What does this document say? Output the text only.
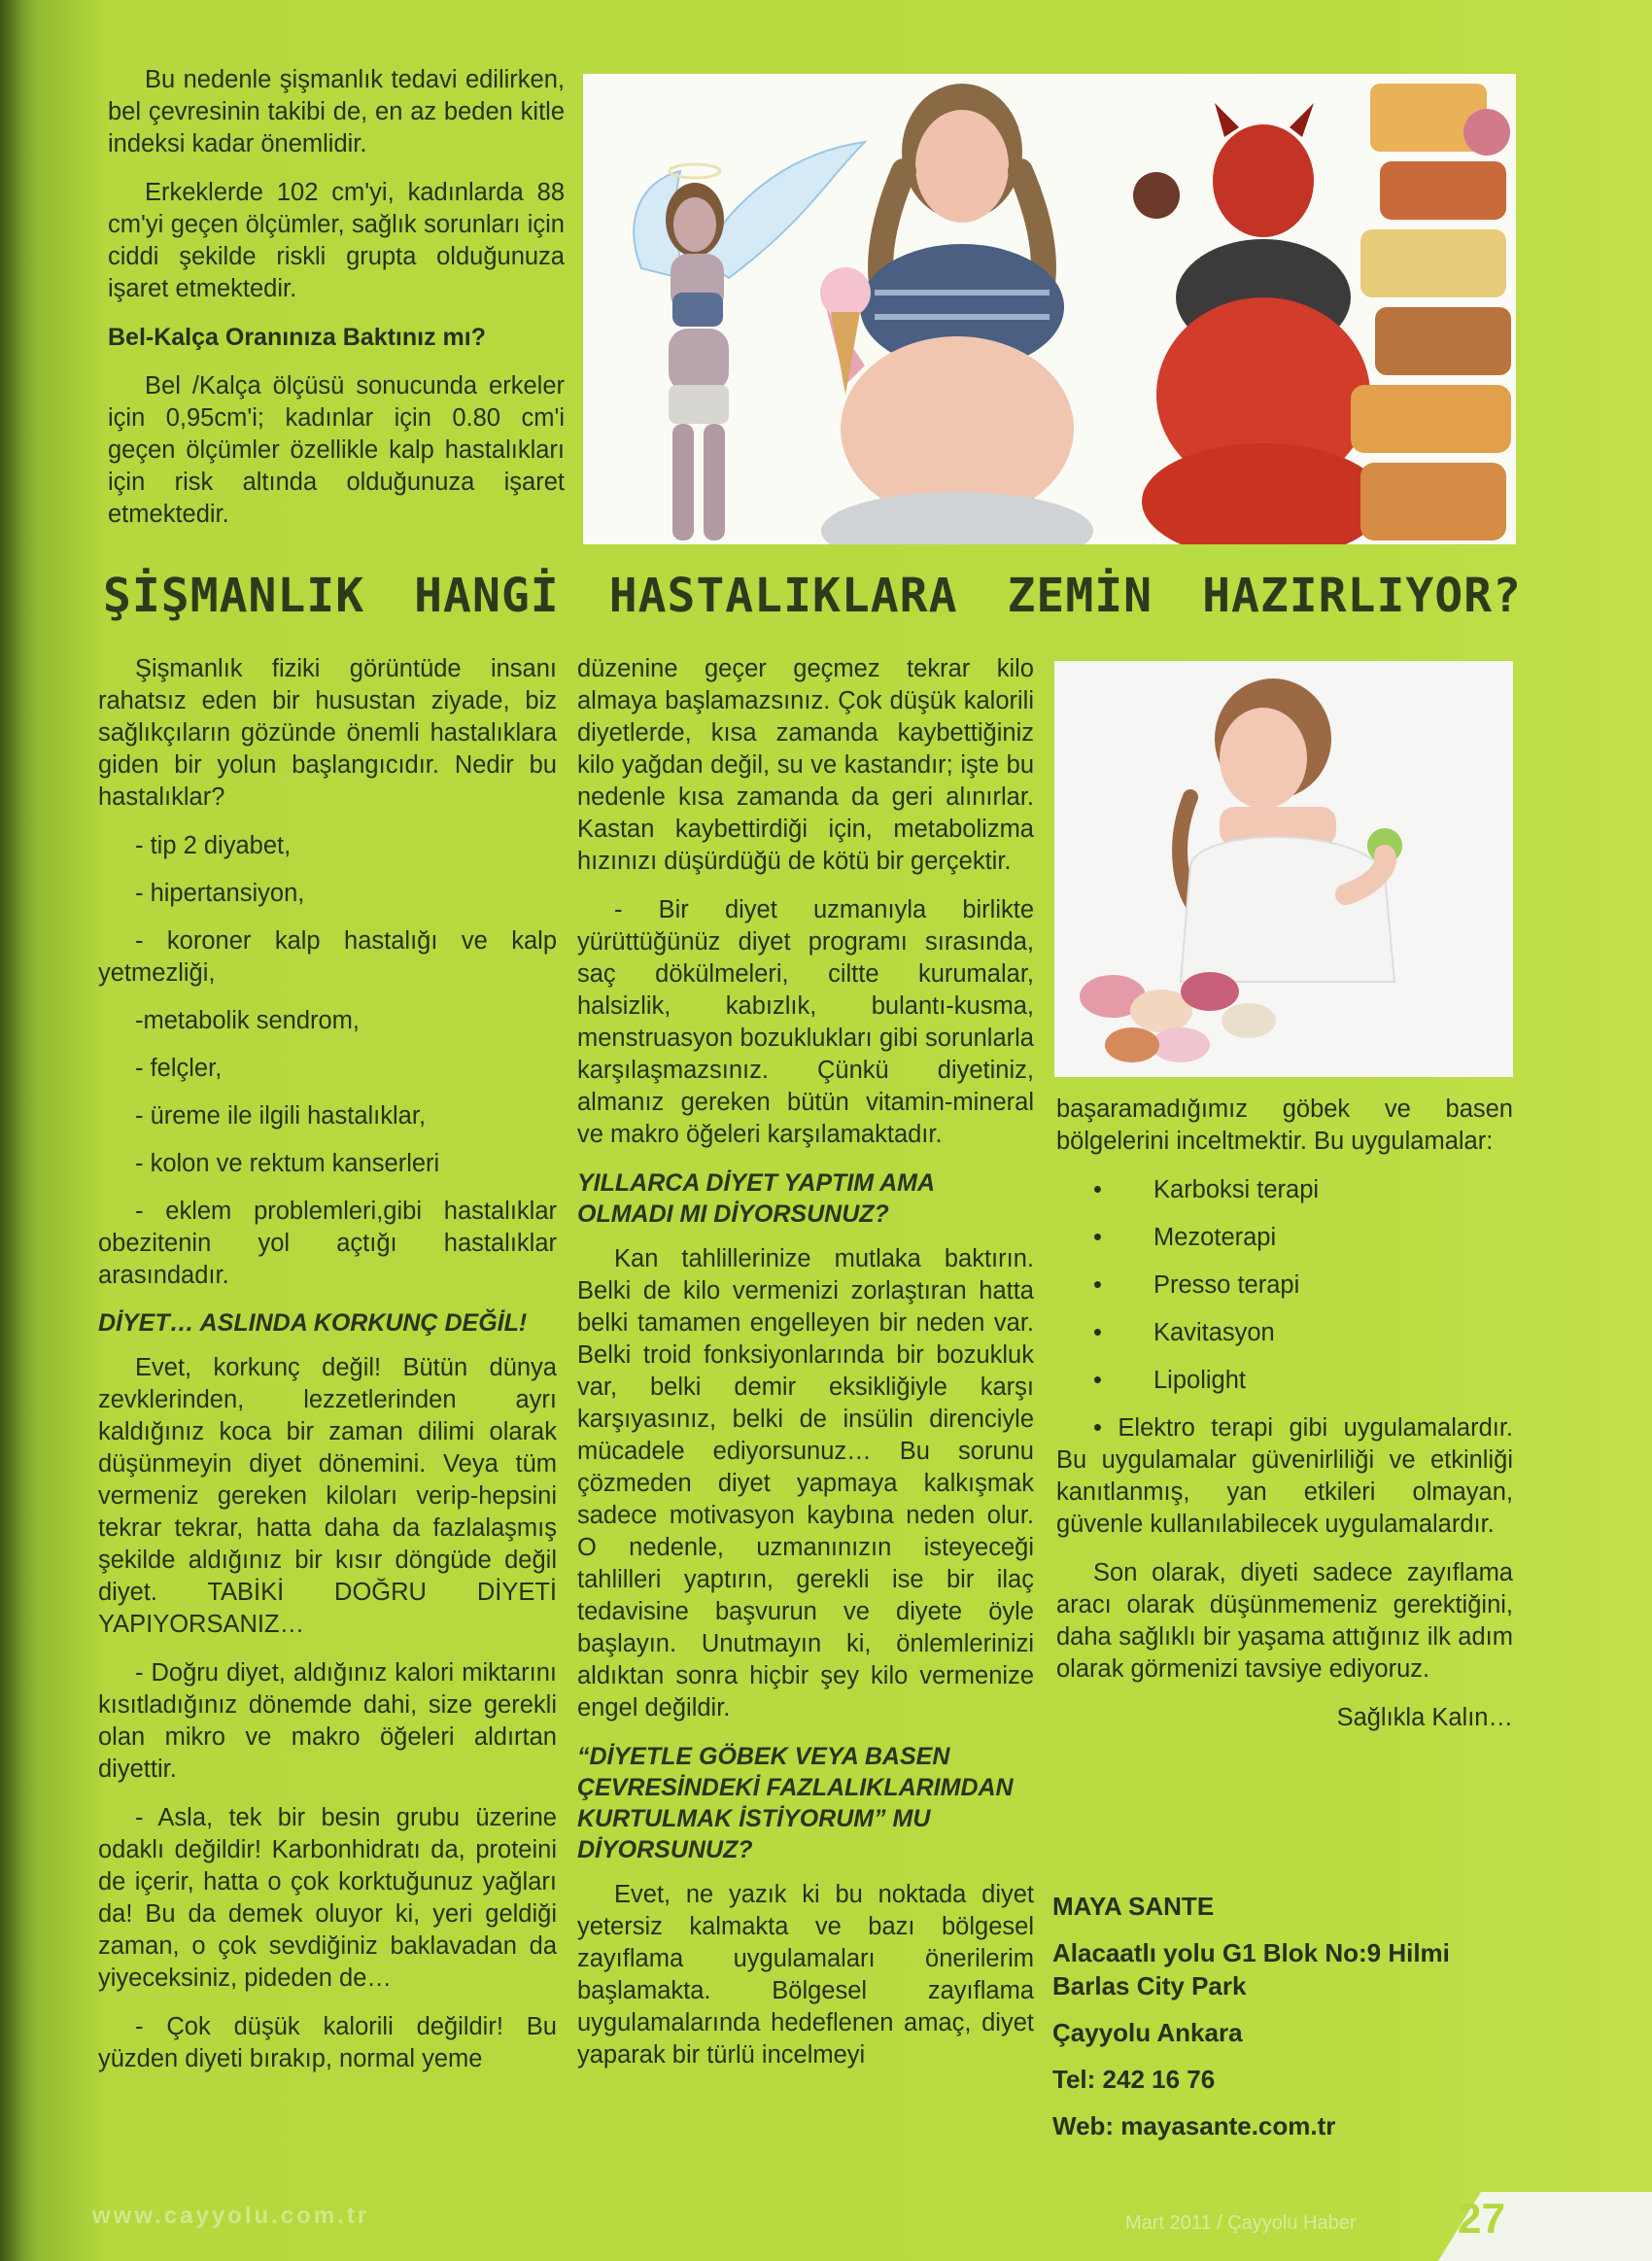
Bu nedenle şişmanlık tedavi edilirken, bel çevresinin takibi de, en az beden kitle indeksi kadar önemlidir.

Erkeklerde 102 cm'yi, kadınlarda 88 cm'yi geçen ölçümler, sağlık sorunları için ciddi şekilde riskli grupta olduğunuza işaret etmektedir.

Bel-Kalça Oranınıza Baktınız mı?

Bel /Kalça ölçüsü sonucunda erkeler için 0,95cm'i; kadınlar için 0.80 cm'i geçen ölçümler özellikle kalp hastalıkları için risk altında olduğunuza işaret etmektedir.

ŞİŞMANLIK HANGİ HASTALIKLARA ZEMİN HAZIRLIYOR?

Şişmanlık fiziki görüntüde insanı rahatsız eden bir husustan ziyade, biz sağlıkçıların gözünde önemli hastalıklara giden bir yolun başlangıcıdır. Nedir bu hastalıklar?

- tip 2 diyabet,

- hipertansiyon,

- koroner kalp hastalığı ve kalp yetmezliği,

-metabolik sendrom,

- felçler,

- üreme ile ilgili hastalıklar,

- kolon ve rektum kanserleri

- eklem problemleri,gibi hastalıklar obezitenin yol açtığı hastalıklar arasındadır.

DİYET… ASLINDA KORKUNÇ DEĞİL!

Evet, korkunç değil! Bütün dünya zevklerinden, lezzetlerinden ayrı kaldığınız koca bir zaman dilimi olarak düşünmeyin diyet dönemini. Veya tüm vermeniz gereken kiloları verip-hepsini tekrar tekrar, hatta daha da fazlalaşmış şekilde aldığınız bir kısır döngüde değil diyet. TABİKİ DOĞRU DİYETİ YAPIYORSANIZ…

- Doğru diyet, aldığınız kalori miktarını kısıtladığınız dönemde dahi, size gerekli olan mikro ve makro öğeleri aldırtan diyettir.

- Asla, tek bir besin grubu üzerine odaklı değildir! Karbonhidratı da, proteini de içerir, hatta o çok korktuğunuz yağları da! Bu da demek oluyor ki, yeri geldiği zaman, o çok sevdiğiniz baklavadan da yiyeceksiniz, pideden de…

- Çok düşük kalorili değildir! Bu yüzden diyeti bırakıp, normal yeme

düzenine geçer geçmez tekrar kilo almaya başlamazsınız. Çok düşük kalorili diyetlerde, kısa zamanda kaybettiğiniz kilo yağdan değil, su ve kastandır; işte bu nedenle kısa zamanda da geri alınırlar. Kastan kaybettirdiği için, metabolizma hızınızı düşürdüğü de kötü bir gerçektir.

- Bir diyet uzmanıyla birlikte yürüttüğünüz diyet programı sırasında, saç dökülmeleri, ciltte kurumalar, halsizlik, kabızlık, bulantı-kusma, menstruasyon bozuklukları gibi sorunlarla karşılaşmazsınız. Çünkü diyetiniz, almanız gereken bütün vitamin-mineral ve makro öğeleri karşılamaktadır.

YILLARCA DİYET YAPTIM AMA OLMADI MI DİYORSUNUZ?

Kan tahlillerinize mutlaka baktırın. Belki de kilo vermenizi zorlaştıran hatta belki tamamen engelleyen bir neden var. Belki troid fonksiyonlarında bir bozukluk var, belki demir eksikliğiyle karşı karşıyasınız, belki de insülin direnciyle mücadele ediyorsunuz… Bu sorunu çözmeden diyet yapmaya kalkışmak sadece motivasyon kaybına neden olur. O nedenle, uzmanınızın isteyeceği tahlilleri yaptırın, gerekli ise bir ilaç tedavisine başvurun ve diyete öyle başlayın. Unutmayın ki, önlemlerinizi aldıktan sonra hiçbir şey kilo vermenize engel değildir.

“DİYETLE GÖBEK VEYA BASEN ÇEVRESİNDEKİ FAZLALIKLARIMDAN KURTULMAK İSTİYORUM” MU DİYORSUNUZ?

Evet, ne yazık ki bu noktada diyet yetersiz kalmakta ve bazı bölgesel zayıflama uygulamaları önerilerim başlamakta. Bölgesel zayıflama uygulamalarında hedeflenen amaç, diyet yaparak bir türlü incelmeyi

başaramadığımız göbek ve basen bölgelerini inceltmektir. Bu uygulamalar:

• Karboksi terapi
• Mezoterapi
• Presso terapi
• Kavitasyon
• Lipolight

• Elektro terapi gibi uygulamalardır. Bu uygulamalar güvenirliliği ve etkinliği kanıtlanmış, yan etkileri olmayan, güvenle kullanılabilecek uygulamalardır.

Son olarak, diyeti sadece zayıflama aracı olarak düşünmemeniz gerektiğini, daha sağlıklı bir yaşama attığınız ilk adım olarak görmenizi tavsiye ediyoruz.

Sağlıkla Kalın…

MAYA SANTE

Alacaatlı yolu G1 Blok No:9 Hilmi Barlas City Park

Çayyolu Ankara

Tel: 242 16 76

Web: mayasante.com.tr

www.cayyolu.com.tr	Mart 2011 / Çayyolu Haber 27
